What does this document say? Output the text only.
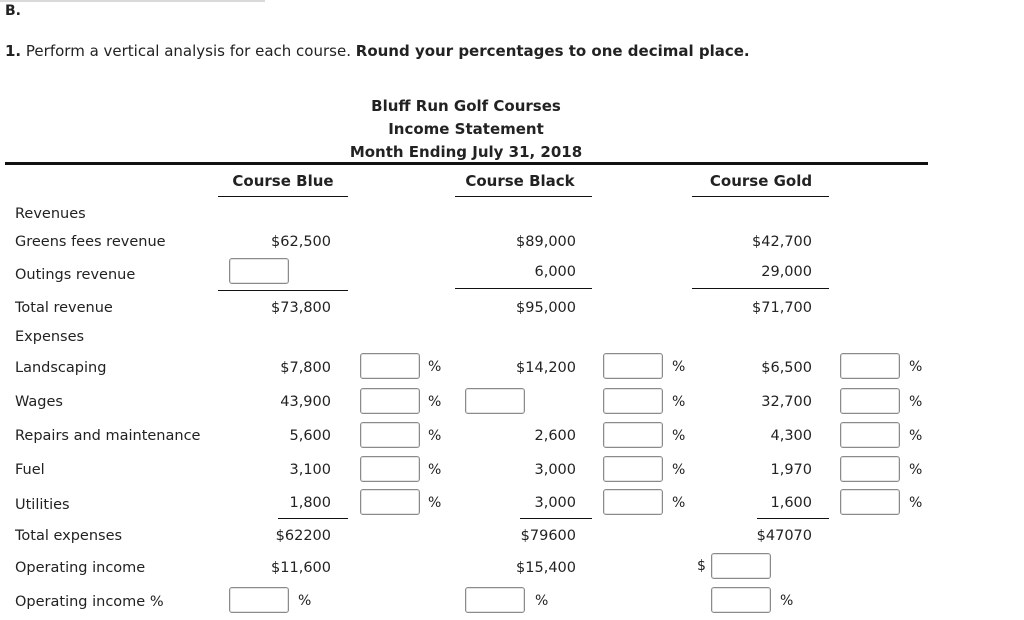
B.
1. Perform a vertical analysis for each course. Round your percentages to one decimal place.
Bluff Run Golf Courses
Income Statement
Month Ending July 31, 2018
Course Blue	Course Black	Course Gold
Revenues
Greens fees revenue
Outings revenue
Total revenue
Expenses
Landscaping
Wages
Repairs and maintenance
Fuel
Utilities
Total expenses
Operating income
Operating income %
$62,500
$73,800
$7,800
43,900
5,600
3,100
1,800
$62200
$11,600
%
%
%
%
%
%
$89,000
6,000
$95,000
$14,200
2,600
3,000
3,000
$79600
$15,400
%
%
%
%
%
%
$42,700
29,000
$71,700
$6,500
32,700
4,300
1,970
1,600
$47070
$
%
%
%
%
%
%
